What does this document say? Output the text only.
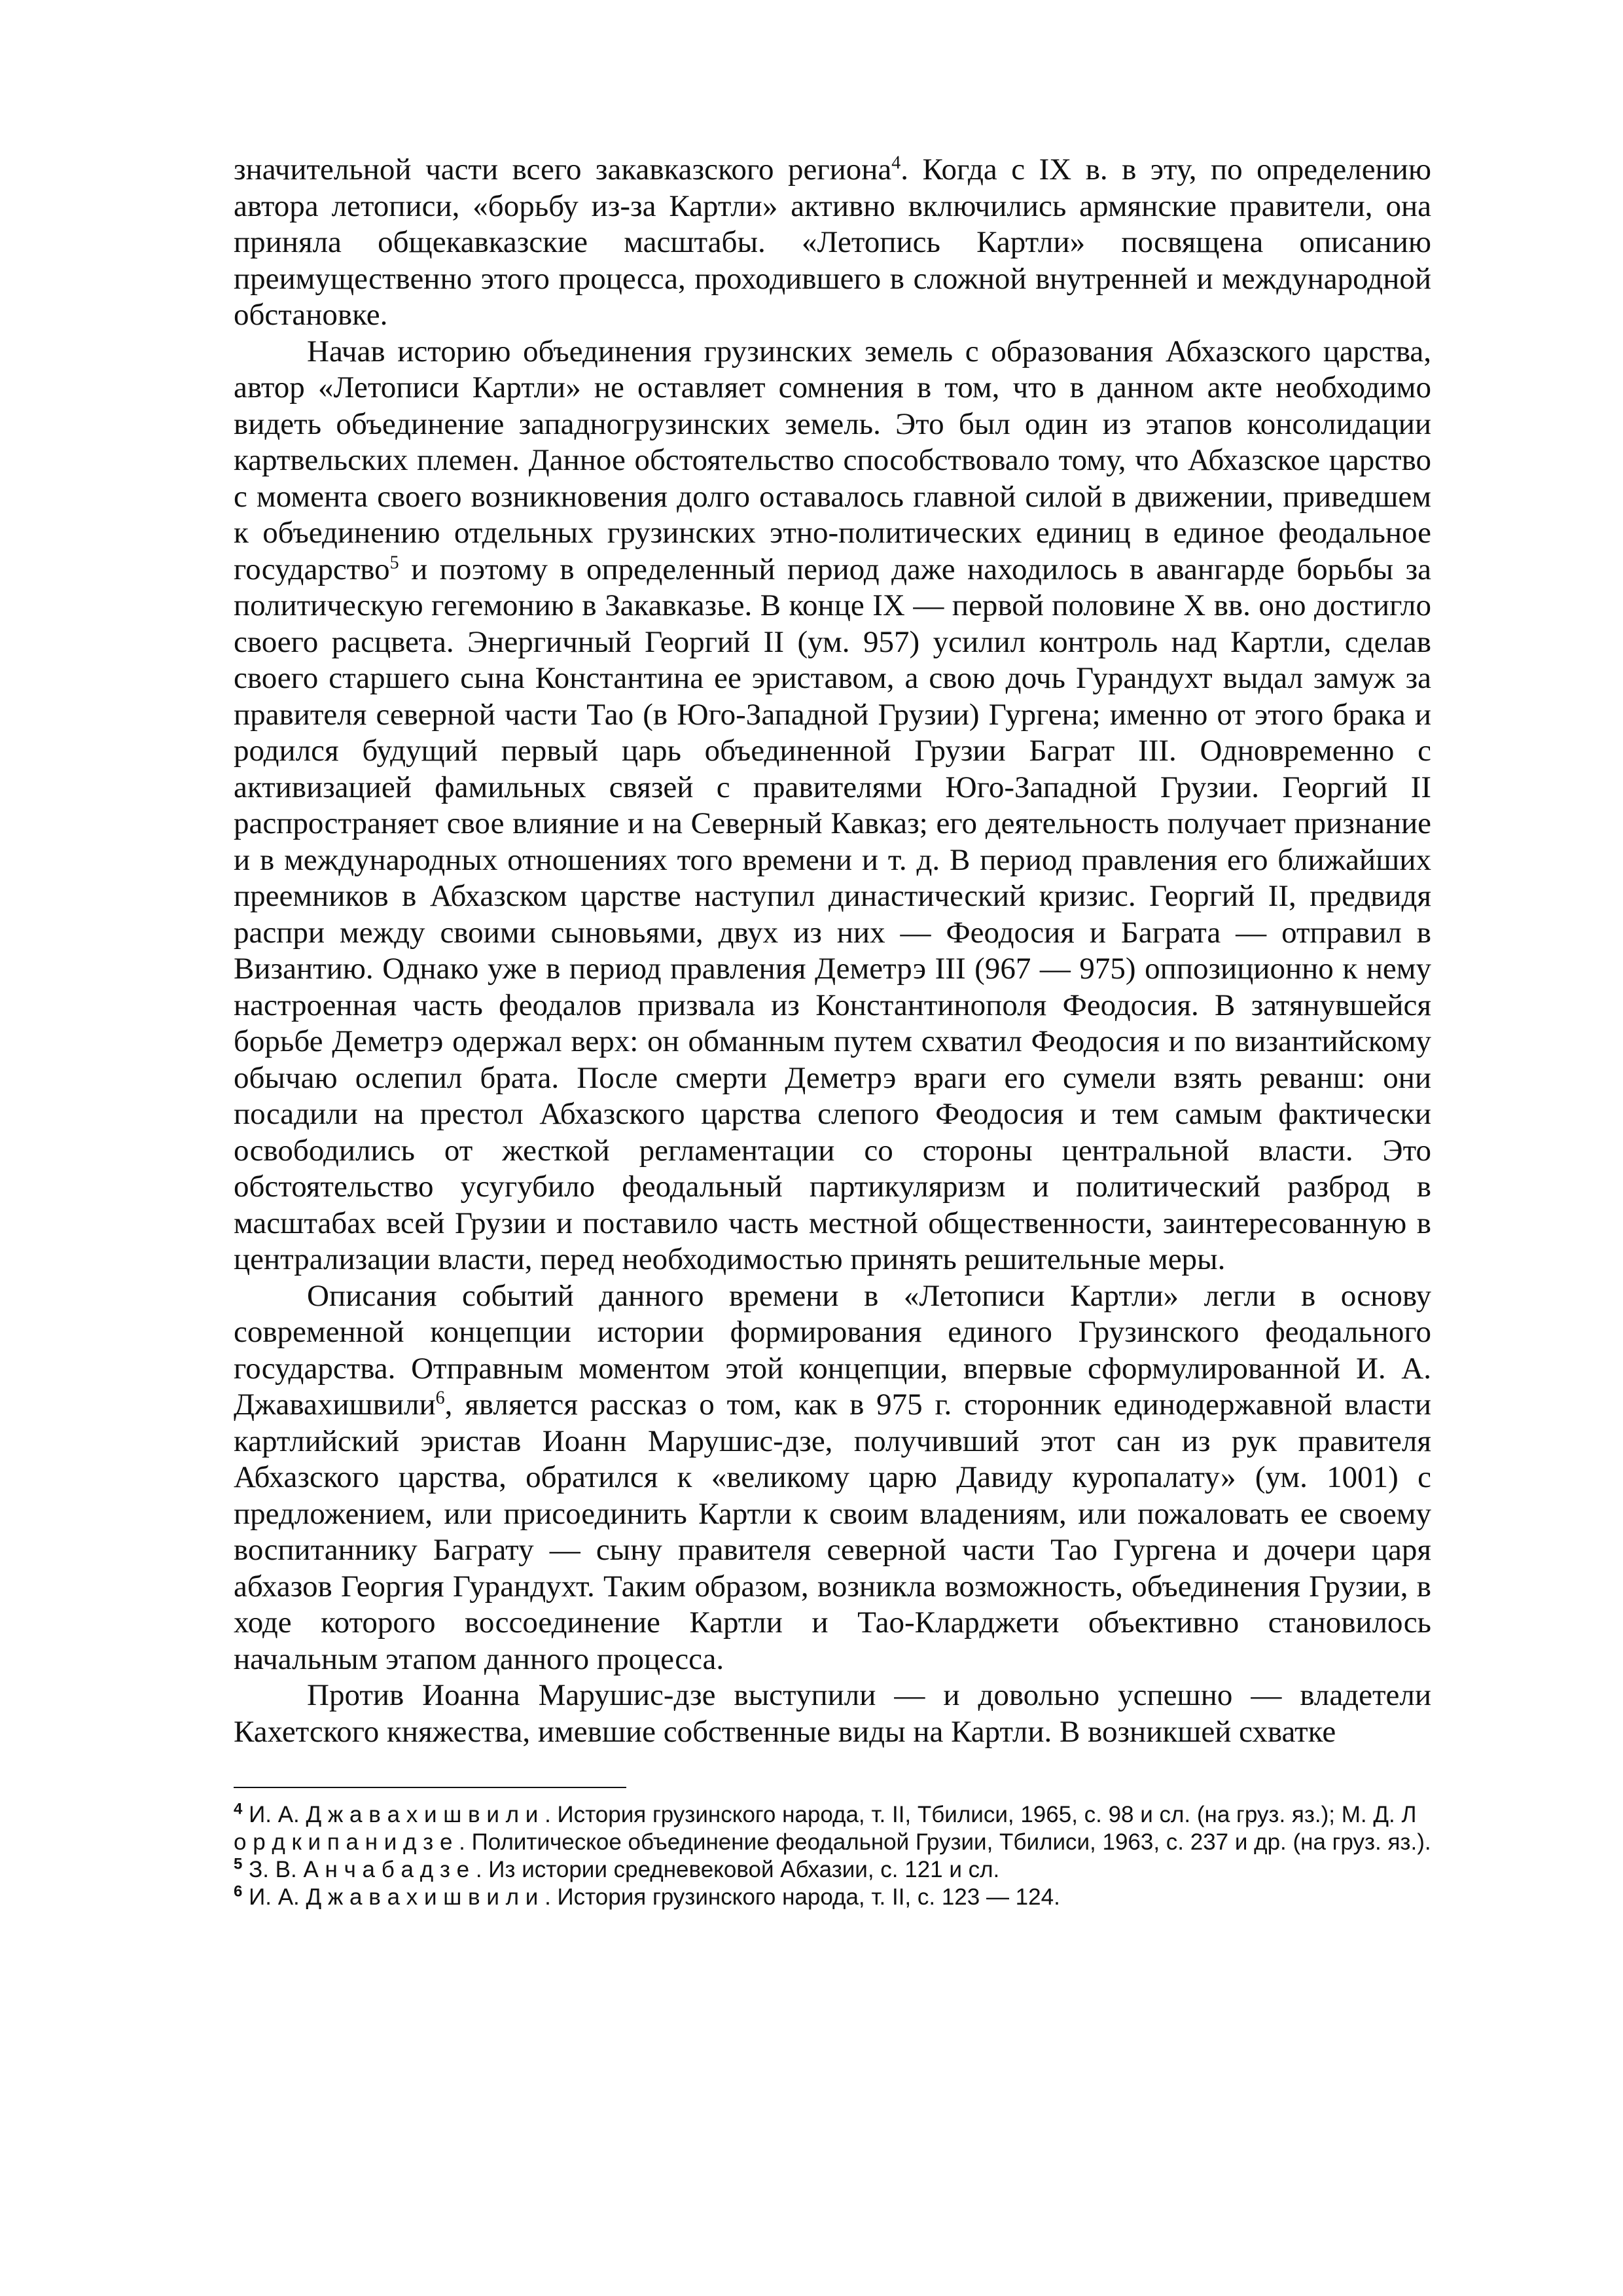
значительной части всего закавказского региона$^4$. Когда с IX в. в эту, по определению автора летописи, «борьбу из-за Картли» активно включились армянские правители, она приняла общекавказские масштабы. «Летопись Картли» посвящена описанию преимущественно этого процесса, проходившего в сложной внутренней и международной обстановке.

Начав историю объединения грузинских земель с образования Абхазского царства, автор «Летописи Картли» не оставляет сомнения в том, что в данном акте необходимо видеть объединение западногрузинских земель. Это был один из этапов консолидации картвельских племен. Данное обстоятельство способствовало тому, что Абхазское царство с момента своего возникновения долго оставалось главной силой в движении, приведшем к объединению отдельных грузинских этно-политических единиц в единое феодальное государство$^5$ и поэтому в определенный период даже находилось в авангарде борьбы за политическую гегемонию в Закавказье. В конце IX — первой половине X вв. оно достигло своего расцвета. Энергичный Георгий II (ум. 957) усилил контроль над Картли, сделав своего старшего сына Константина ее эриставом, а свою дочь Гурандухт выдал замуж за правителя северной части Тао (в Юго-Западной Грузии) Гургена; именно от этого брака и родился будущий первый царь объединенной Грузии Баграт III. Одновременно с активизацией фамильных связей с правителями Юго-Западной Грузии. Георгий II распространяет свое влияние и на Северный Кавказ; его деятельность получает признание и в международных отношениях того времени и т. д. В период правления его ближайших преемников в Абхазском царстве наступил династический кризис. Георгий II, предвидя распри между своими сыновьями, двух из них — Феодосия и Баграта — отправил в Византию. Однако уже в период правления Деметрэ III (967 — 975) оппозиционно к нему настроенная часть феодалов призвала из Константинополя Феодосия. В затянувшейся борьбе Деметрэ одержал верх: он обманным путем схватил Феодосия и по византийскому обычаю ослепил брата. После смерти Деметрэ враги его сумели взять реванш: они посадили на престол Абхазского царства слепого Феодосия и тем самым фактически освободились от жесткой регламентации со стороны центральной власти. Это обстоятельство усугубило феодальный партикуляризм и политический разброд в масштабах всей Грузии и поставило часть местной общественности, заинтересованную в централизации власти, перед необходимостью принять решительные меры.

Описания событий данного времени в «Летописи Картли» легли в основу современной концепции истории формирования единого Грузинского феодального государства. Отправным моментом этой концепции, впервые сформулированной И. А. Джавахишвили$^6$, является рассказ о том, как в 975 г. сторонник единодержавной власти картлийский эристав Иоанн Марушис-дзе, получивший этот сан из рук правителя Абхазского царства, обратился к «великому царю Давиду куропалату» (ум. 1001) с предложением, или присоединить Картли к своим владениям, или пожаловать ее своему воспитаннику Баграту — сыну правителя северной части Тао Гургена и дочери царя абхазов Георгия Гурандухт. Таким образом, возникла возможность, объединения Грузии, в ходе которого воссоединение Картли и Тао-Кларджети объективно становилось начальным этапом данного процесса.

Против Иоанна Марушис-дзе выступили — и довольно успешно — владетели Кахетского княжества, имевшие собственные виды на Картли. В возникшей схватке

$^4$ И. А. Д ж а в а х и ш в и л и . История грузинского народа, т. II, Тбилиси, 1965, с. 98 и сл. (на груз. яз.); М. Д. Л о р д к и п а н и д з е . Политическое объединение феодальной Грузии, Тбилиси, 1963, с. 237 и др. (на груз. яз.).

$^5$ З. В. А н ч а б а д з е . Из истории средневековой Абхазии, с. 121 и сл.

$^6$ И. А. Д ж а в а х и ш в и л и . История грузинского народа, т. II, с. 123 — 124.
